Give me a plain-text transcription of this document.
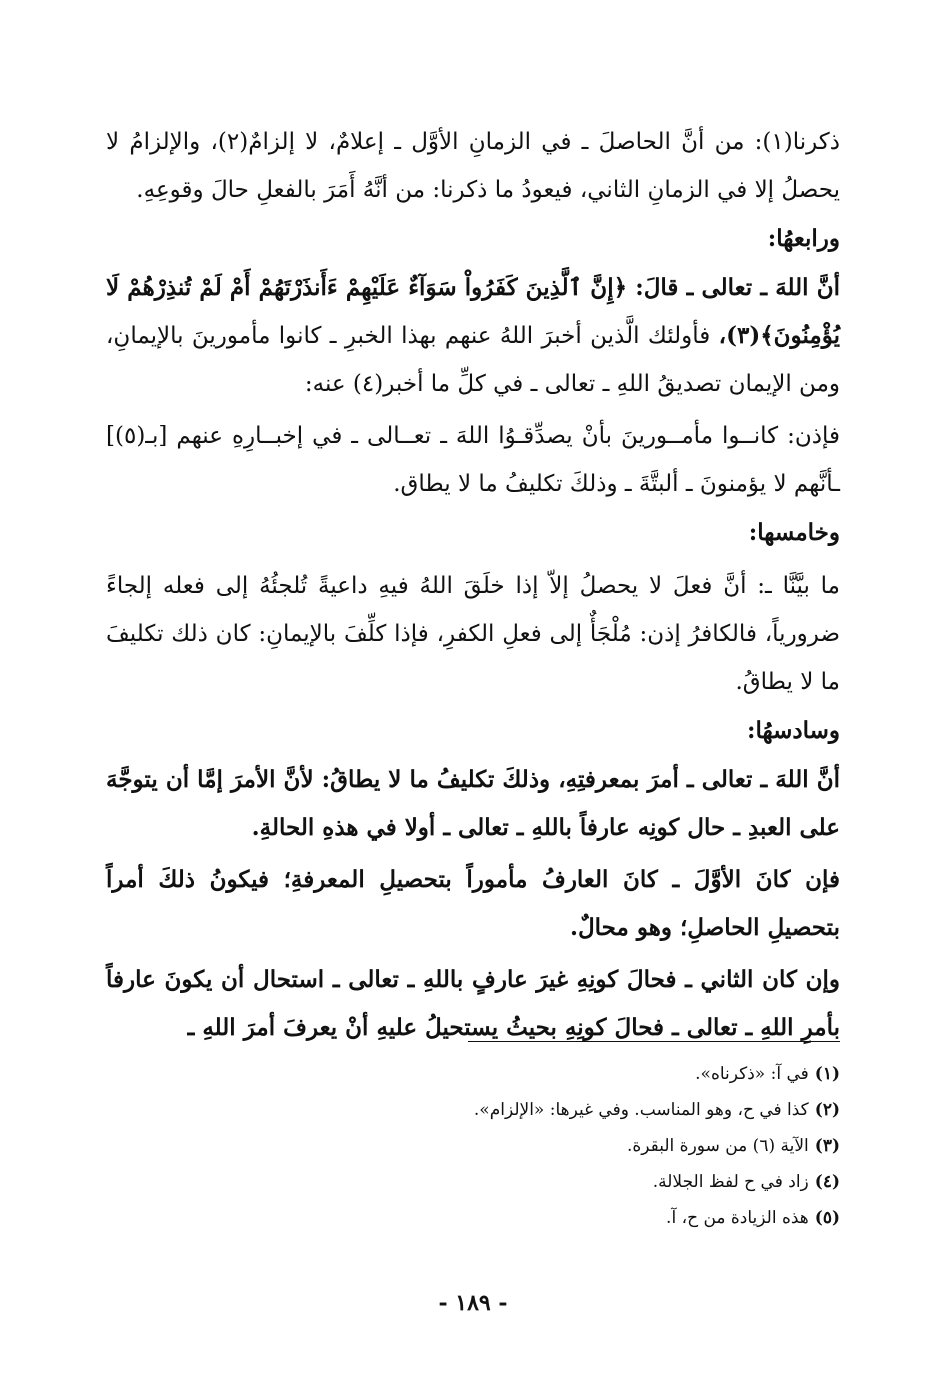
ذكرنا(١): من أنَّ الحاصلَ ـ في الزمانِ الأوَّل ـ إعلامٌ، لا إلزامٌ(٢)، والإلزامُ لا يحصلُ إلا في الزمانِ الثاني، فيعودُ ما ذكرنا: من أنَّهُ أَمَرَ بالفعلِ حالَ وقوعِهِ.

ورابعهُا:

أنَّ اللهَ ـ تعالى ـ قالَ: ﴿إِنَّ ٱلَّذِينَ كَفَرُواْ سَوَآءٌ عَلَيْهِمْ ءَأَنذَرْتَهُمْ أَمْ لَمْ تُنذِرْهُمْ لَا يُؤْمِنُونَ﴾(٣)، فأولئك الَّذين أخبرَ اللهُ عنهم بهذا الخبرِ ـ كانوا مأمورينَ بالإيمانِ، ومن الإيمان تصديقُ اللهِ ـ تعالى ـ في كلِّ ما أخبر(٤) عنه:

فإذن: كانــوا مأمــورينَ بأنْ يصدِّقـوُا اللهَ ـ تعــالى ـ في إخبــارِهِ عنهم [بـ(٥)] ـأنَّهم لا يؤمنونَ ـ ألبتَّةَ ـ وذلكَ تكليفُ ما لا يطاق.

وخامسها:

ما بيَّنَّا ـ: أنَّ فعلَ لا يحصلُ إلاّ إذا خلَقَ اللهُ فيهِ داعيةً تُلجئُهُ إلى فعله إلجاءً ضرورياً، فالكافرُ إذن: مُلْجَأٌ إلى فعلِ الكفرِ، فإذا كلِّفَ بالإيمانِ: كان ذلك تكليفَ ما لا يطاقُ.

وسادسهُا:

أنَّ اللهَ ـ تعالى ـ أمرَ بمعرفتِهِ، وذلكَ تكليفُ ما لا يطاقُ: لأنَّ الأمرَ إمَّا أن يتوجَّهَ على العبدِ ـ حال كونِه عارفاً باللهِ ـ تعالى ـ أولا في هذهِ الحالةِ.

فإن كانَ الأوَّلَ ـ كانَ العارفُ مأموراً بتحصيلِ المعرفةِ؛ فيكونُ ذلكَ أمراً بتحصيلِ الحاصلِ؛ وهو محالٌ.

وإن كان الثاني ـ فحالَ كونِهِ غيرَ عارفٍ باللهِ ـ تعالى ـ استحال أن يكونَ عارفاً بأمرِ اللهِ ـ تعالى ـ فحالَ كونِهِ بحيثُ يستحيلُ عليهِ أنْ يعرفَ أمرَ اللهِ ـ

(١)في آ: «ذكرناه».

(٢)كذا في ح، وهو المناسب. وفي غيرها: «الإلزام».

(٣)الآية (٦) من سورة البقرة.

(٤)زاد في ح لفظ الجلالة.

(٥)هذه الزيادة من ح، آ.

- ١٨٩ -
